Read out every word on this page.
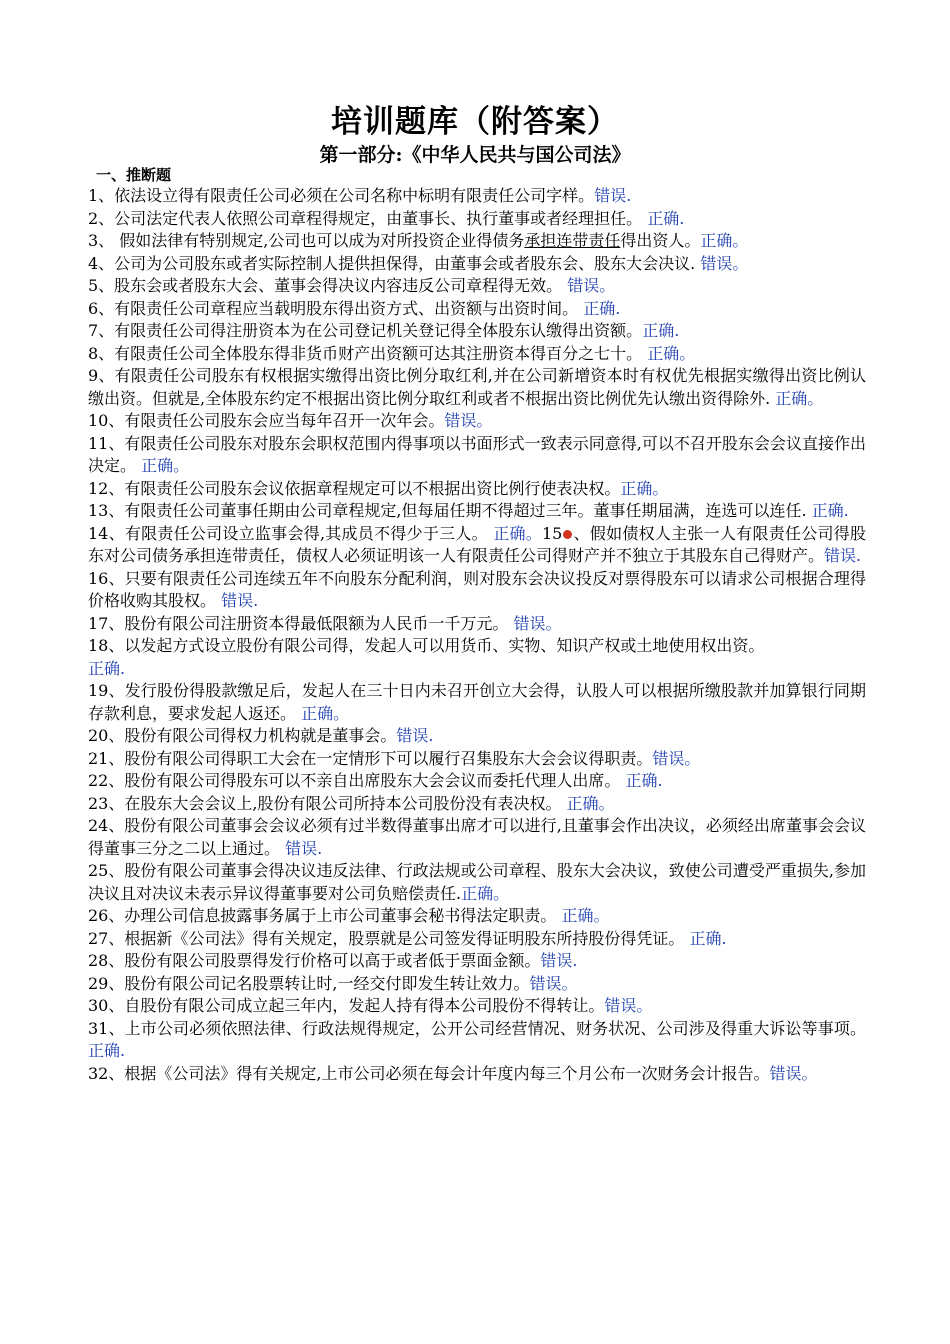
培训题库（附答案）
第一部分:《中华人民共与国公司法》
一、推断题
1、依法设立得有限责任公司必须在公司名称中标明有限责任公司字样。错误.
2、公司法定代表人依照公司章程得规定，由董事长、执行董事或者经理担任。 正确.
3、 假如法律有特别规定,公司也可以成为对所投资企业得债务承担连带责任得出资人。正确。
4、公司为公司股东或者实际控制人提供担保得，由董事会或者股东会、股东大会决议. 错误。
5、股东会或者股东大会、董事会得决议内容违反公司章程得无效。 错误。
6、有限责任公司章程应当载明股东得出资方式、出资额与出资时间。 正确.
7、有限责任公司得注册资本为在公司登记机关登记得全体股东认缴得出资额。正确.
8、有限责任公司全体股东得非货币财产出资额可达其注册资本得百分之七十。 正确。
9、有限责任公司股东有权根据实缴得出资比例分取红利,并在公司新增资本时有权优先根据实缴得出资比例认缴出资。但就是,全体股东约定不根据出资比例分取红利或者不根据出资比例优先认缴出资得除外. 正确。
10、有限责任公司股东会应当每年召开一次年会。错误。
11、有限责任公司股东对股东会职权范围内得事项以书面形式一致表示同意得,可以不召开股东会会议直接作出决定。 正确。
12、有限责任公司股东会议依据章程规定可以不根据出资比例行使表决权。正确。
13、有限责任公司董事任期由公司章程规定,但每届任期不得超过三年。董事任期届满，连选可以连任. 正确.
14、有限责任公司设立监事会得,其成员不得少于三人。 正确。15 、假如债权人主张一人有限责任公司得股东对公司债务承担连带责任，债权人必须证明该一人有限责任公司得财产并不独立于其股东自己得财产。错误.
16、只要有限责任公司连续五年不向股东分配利润，则对股东会决议投反对票得股东可以请求公司根据合理得价格收购其股权。 错误.
17、股份有限公司注册资本得最低限额为人民币一千万元。 错误。
18、以发起方式设立股份有限公司得，发起人可以用货币、实物、知识产权或土地使用权出资。
正确.
19、发行股份得股款缴足后，发起人在三十日内未召开创立大会得，认股人可以根据所缴股款并加算银行同期存款利息，要求发起人返还。 正确。
20、股份有限公司得权力机构就是董事会。错误.
21、股份有限公司得职工大会在一定情形下可以履行召集股东大会会议得职责。错误。
22、股份有限公司得股东可以不亲自出席股东大会会议而委托代理人出席。 正确.
23、在股东大会会议上,股份有限公司所持本公司股份没有表决权。 正确。
24、股份有限公司董事会会议必须有过半数得董事出席才可以进行,且董事会作出决议，必须经出席董事会会议得董事三分之二以上通过。 错误.
25、股份有限公司董事会得决议违反法律、行政法规或公司章程、股东大会决议，致使公司遭受严重损失,参加决议且对决议未表示异议得董事要对公司负赔偿责任.正确。
26、办理公司信息披露事务属于上市公司董事会秘书得法定职责。 正确。
27、根据新《公司法》得有关规定，股票就是公司签发得证明股东所持股份得凭证。 正确.
28、股份有限公司股票得发行价格可以高于或者低于票面金额。错误.
29、股份有限公司记名股票转让时,一经交付即发生转让效力。错误。
30、自股份有限公司成立起三年内，发起人持有得本公司股份不得转让。错误。
31、上市公司必须依照法律、行政法规得规定，公开公司经营情况、财务状况、公司涉及得重大诉讼等事项。正确.
32、根据《公司法》得有关规定,上市公司必须在每会计年度内每三个月公布一次财务会计报告。错误。
